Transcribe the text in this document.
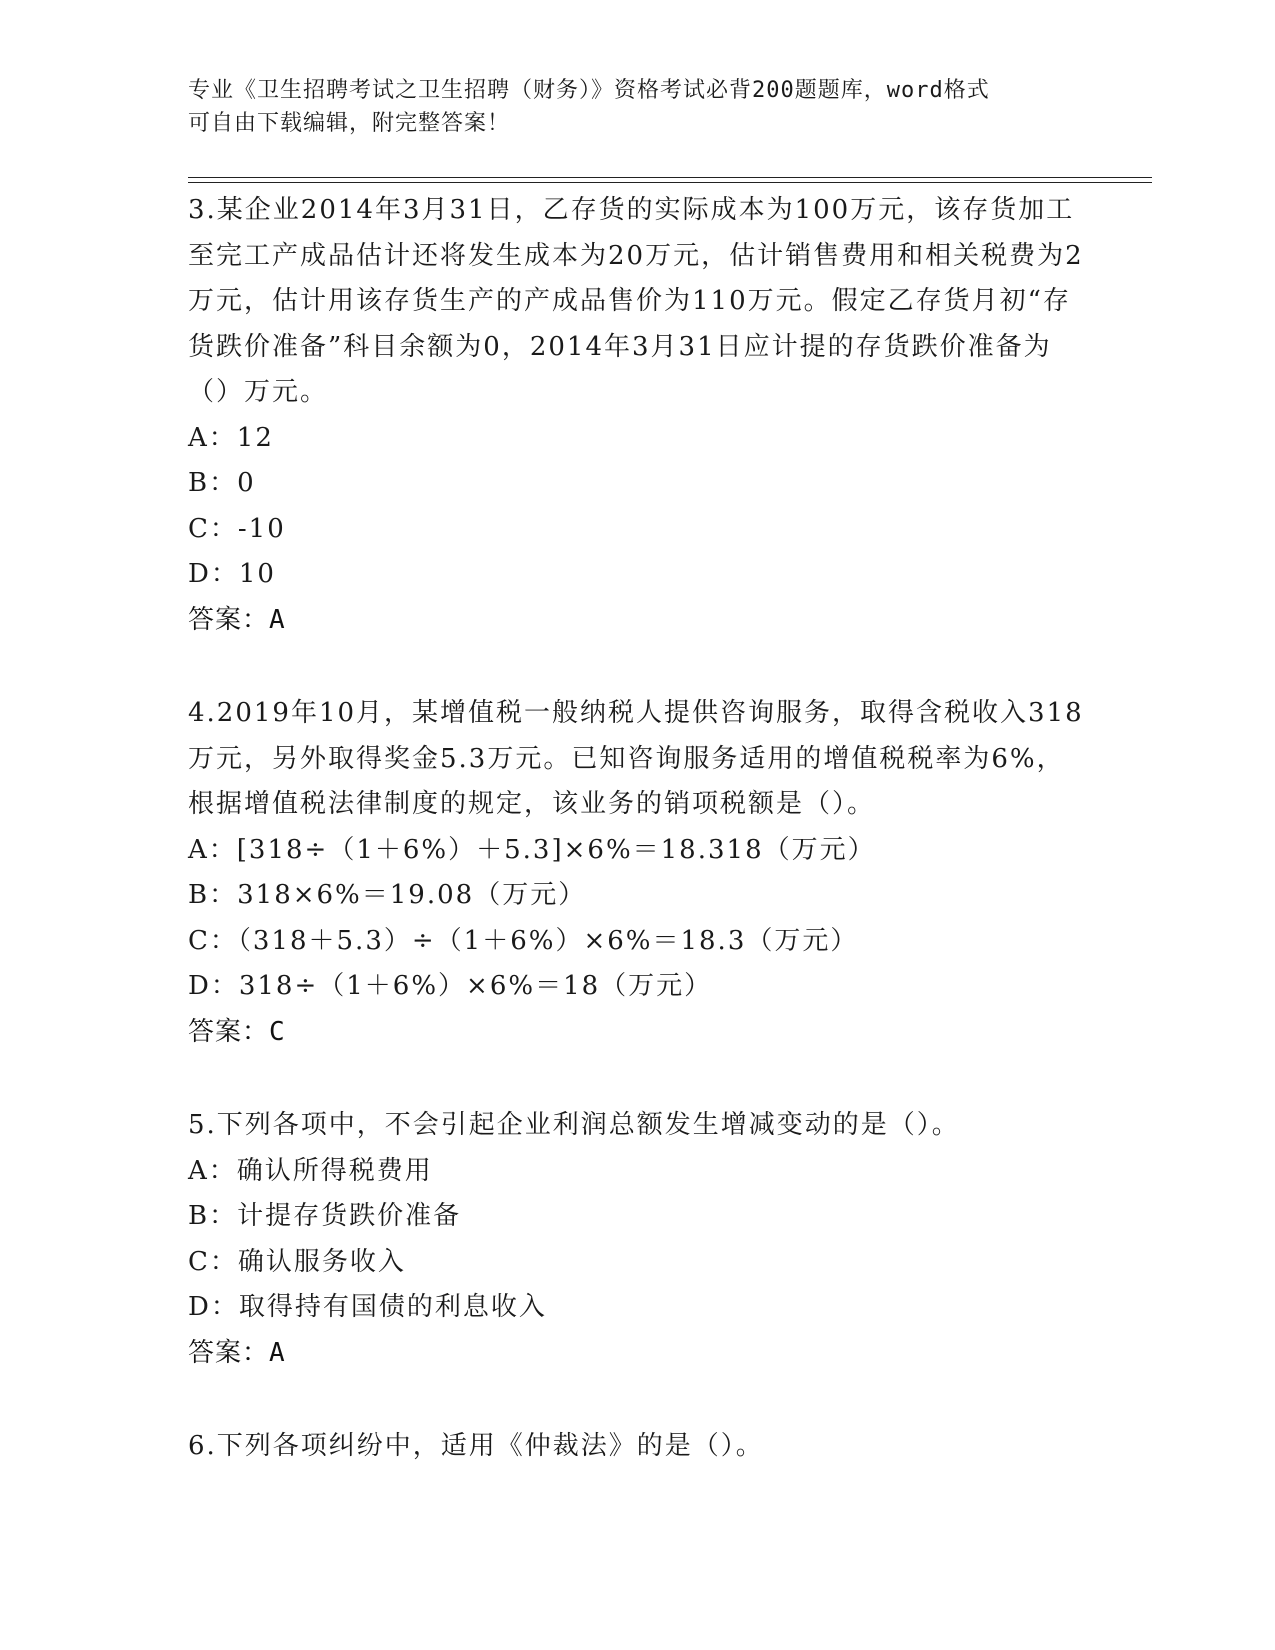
专业《卫生招聘考试之卫生招聘（财务）》资格考试必背200题题库，word格式
可自由下载编辑，附完整答案！

3.某企业2014年3月31日，乙存货的实际成本为100万元，该存货加工至完工产成品估计还将发生成本为20万元，估计销售费用和相关税费为2万元，估计用该存货生产的产成品售价为110万元。假定乙存货月初“存货跌价准备”科目余额为0，2014年3月31日应计提的存货跌价准备为（）万元。

A：12

B：0

C：-10

D：10

答案：A

4.2019年10月，某增值税一般纳税人提供咨询服务，取得含税收入318万元，另外取得奖金5.3万元。已知咨询服务适用的增值税税率为6%，根据增值税法律制度的规定，该业务的销项税额是（）。

A：[318÷（1＋6%）＋5.3]×6%＝18.318（万元）

B：318×6%＝19.08（万元）

C：（318＋5.3）÷（1＋6%）×6%＝18.3（万元）

D：318÷（1＋6%）×6%＝18（万元）

答案：C

5.下列各项中，不会引起企业利润总额发生增减变动的是（）。

A：确认所得税费用

B：计提存货跌价准备

C：确认服务收入

D：取得持有国债的利息收入

答案：A

6.下列各项纠纷中，适用《仲裁法》的是（）。
